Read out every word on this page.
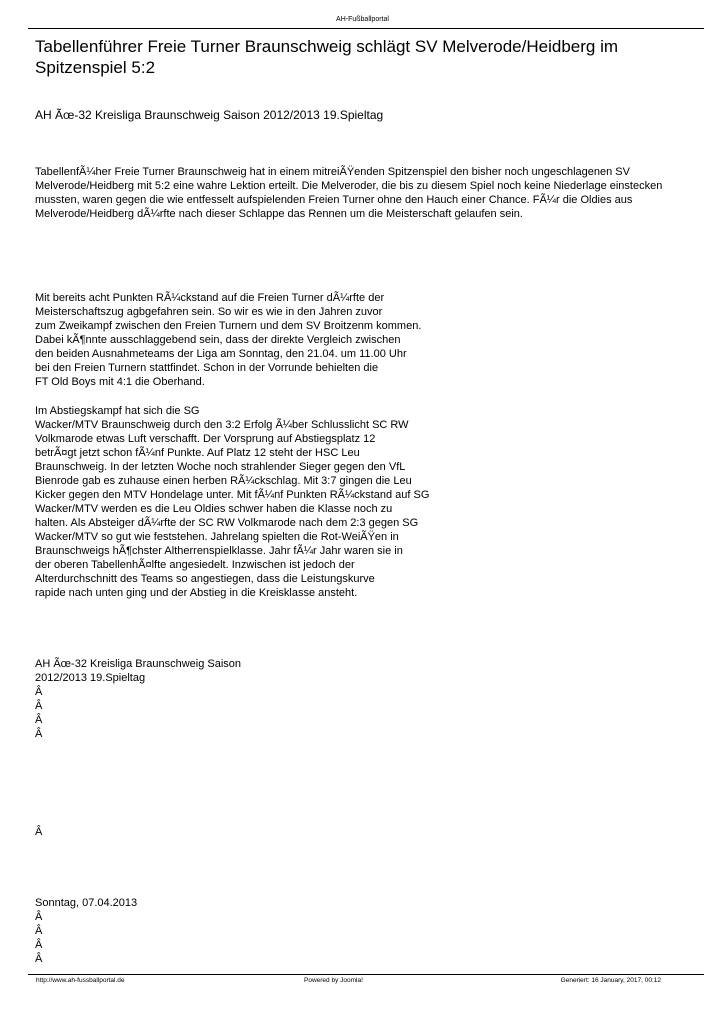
AH-Fußballportal
Tabellenführer Freie Turner Braunschweig schlägt SV Melverode/Heidberg im Spitzenspiel 5:2
AH Ãœ-32 Kreisliga Braunschweig Saison 2012/2013 19.Spieltag

TabellenfÃ¼her Freie Turner Braunschweig hat in einem mitreiÃŸenden Spitzenspiel den bisher noch ungeschlagenen SV Melverode/Heidberg mit 5:2 eine wahre Lektion erteilt. Die Melveroder, die bis zu diesem Spiel noch keine Niederlage einstecken mussten, waren gegen die wie entfesselt aufspielenden Freien Turner ohne den Hauch einer Chance. FÃ¼r die Oldies aus Melverode/Heidberg dÃ¼rfte nach dieser Schlappe das Rennen um die Meisterschaft gelaufen sein.

Mit bereits acht Punkten RÃ¼ckstand auf die Freien Turner dÃ¼rfte der
Meisterschaftszug agbgefahren sein. So wir es wie in den Jahren zuvor
zum Zweikampf zwischen den Freien Turnern und dem SV Broitzenm kommen.
Dabei kÃ¶nnte ausschlaggebend sein, dass der direkte Vergleich zwischen
den beiden Ausnahmeteams der Liga am Sonntag, den 21.04. um 11.00 Uhr
bei den Freien Turnern stattfindet. Schon in der Vorrunde behielten die
FT Old Boys mit 4:1 die Oberhand.

Im Abstiegskampf hat sich die SG
Wacker/MTV Braunschweig durch den 3:2 Erfolg Ã¼ber Schlusslicht SC RW
Volkmarode etwas Luft verschafft. Der Vorsprung auf Abstiegsplatz 12
betrÃ¤gt jetzt schon fÃ¼nf Punkte. Auf Platz 12 steht der HSC Leu
Braunschweig. In der letzten Woche noch strahlender Sieger gegen den VfL
Bienrode gab es zuhause einen herben RÃ¼ckschlag. Mit 3:7 gingen die Leu
Kicker gegen den MTV Hondelage unter. Mit fÃ¼nf Punkten RÃ¼ckstand auf SG
Wacker/MTV werden es die Leu Oldies schwer haben die Klasse noch zu
halten. Als Absteiger dÃ¼rfte der SC RW Volkmarode nach dem 2:3 gegen SG
Wacker/MTV so gut wie feststehen. Jahrelang spielten die Rot-WeiÃŸen in
Braunschweigs hÃ¶chster Altherrenspielklasse. Jahr fÃ¼r Jahr waren sie in
der oberen TabellenhÃ¤lfte angesiedelt. Inzwischen ist jedoch der
Alterdurchschnitt des Teams so angestiegen, dass die Leistungskurve
rapide nach unten ging und der Abstieg in die Kreisklasse ansteht.

AH Ãœ-32 Kreisliga Braunschweig Saison
2012/2013 19.Spieltag
Â
Â
Â
Â
Â
Sonntag, 07.04.2013
Â
Â
Â
Â
http://www.ah-fussballportal.de	Powered by Joomla!	Generiert: 16 January, 2017, 00:12
